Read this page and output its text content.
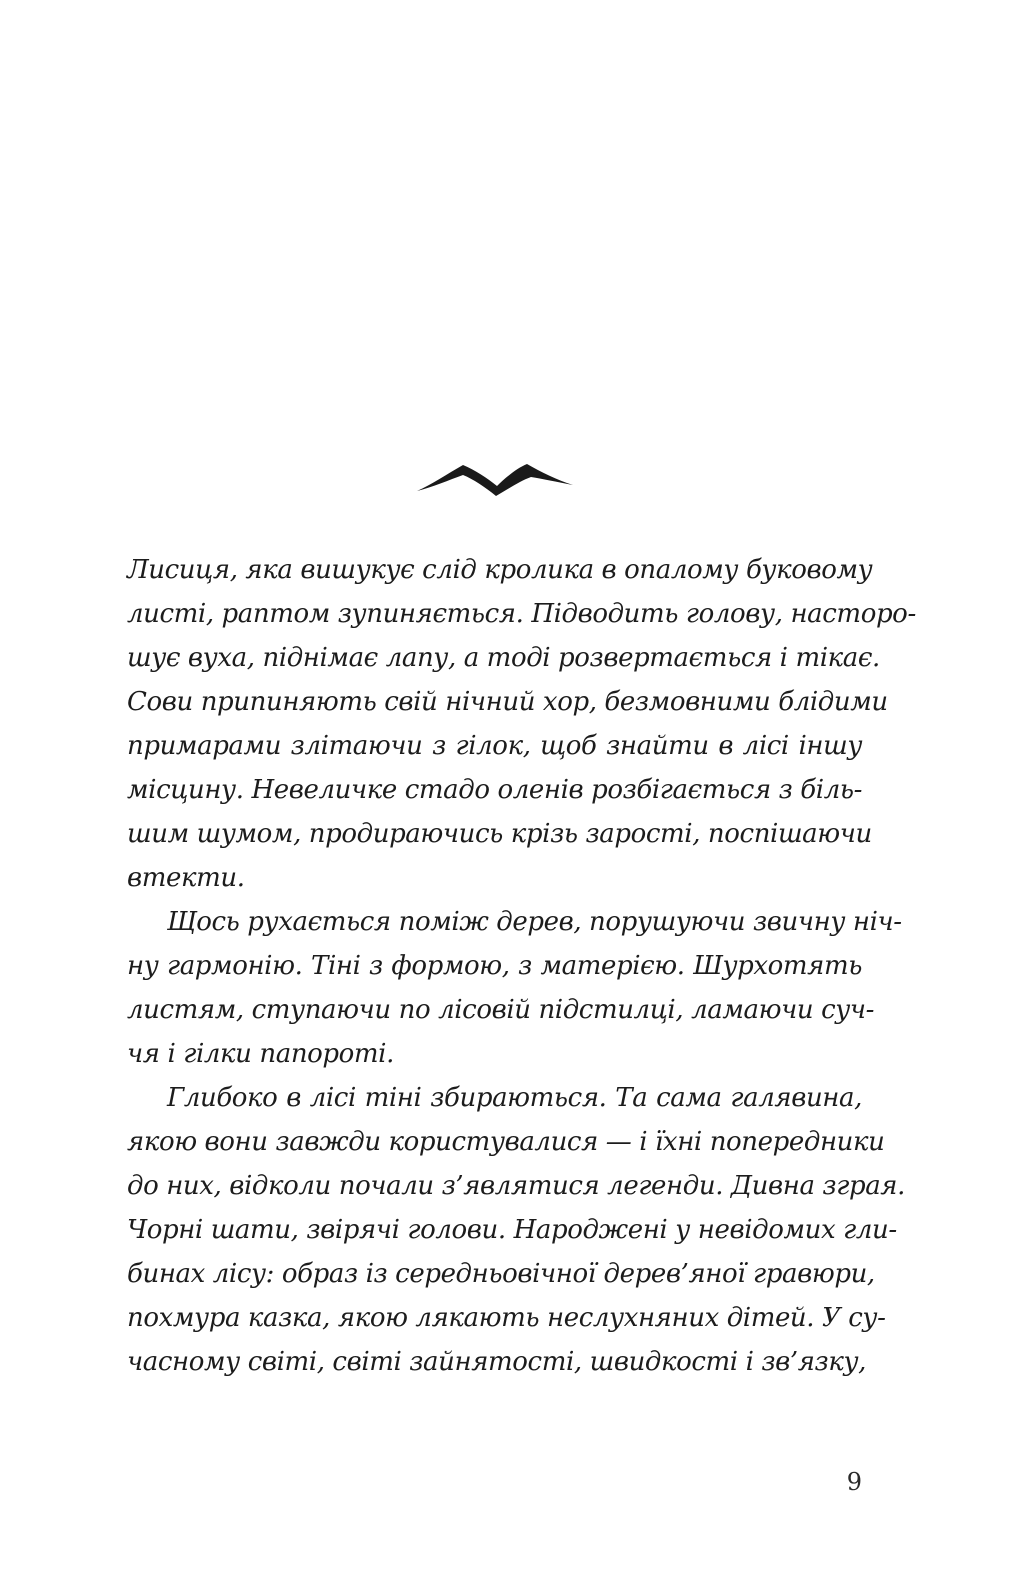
Лисиця, яка вишукує слід кролика в опалому буковому
листі, раптом зупиняється. Підводить голову, насторо-
шує вуха, піднімає лапу, а тоді розвертається і тікає.
Сови припиняють свій нічний хор, безмовними блідими
примарами злітаючи з гілок, щоб знайти в лісі іншу
місцину. Невеличке стадо оленів розбігається з біль-
шим шумом, продираючись крізь зарості, поспішаючи
втекти.
Щось рухається поміж дерев, порушуючи звичну ніч-
ну гармонію. Тіні з формою, з матерією. Шурхотять
листям, ступаючи по лісовій підстилці, ламаючи суч-
чя і гілки папороті.
Глибоко в лісі тіні збираються. Та сама галявина,
якою вони завжди користувалися — і їхні попередники
до них, відколи почали з’являтися легенди. Дивна зграя.
Чорні шати, звірячі голови. Народжені у невідомих гли-
бинах лісу: образ із середньовічної дерев’яної гравюри,
похмура казка, якою лякають неслухняних дітей. У су-
часному світі, світі зайнятості, швидкості і зв’язку,
9
